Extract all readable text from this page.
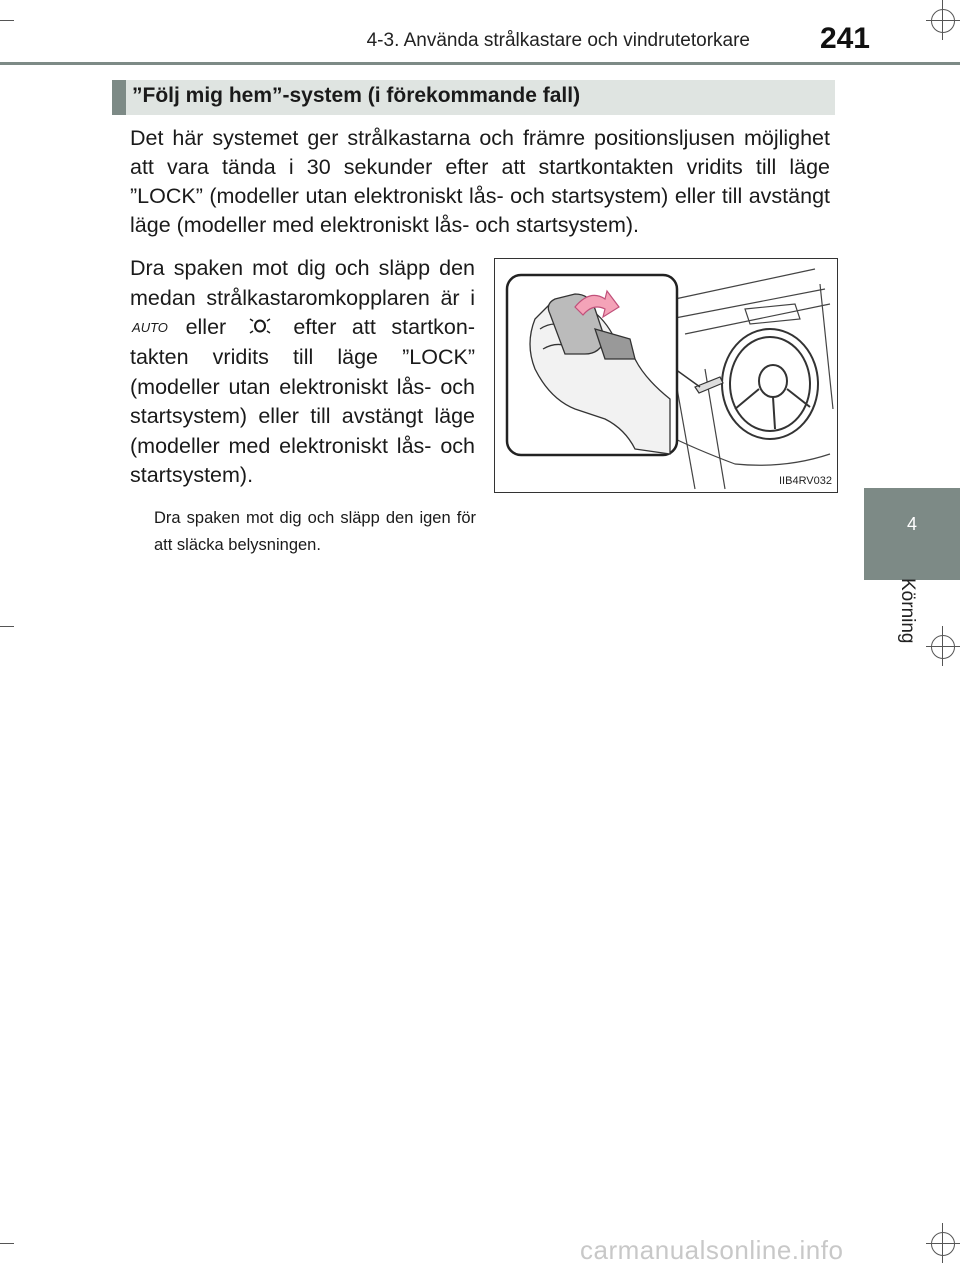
4-3. Använda strålkastare och vindrutetorkare	241
4
Körning
”Följ mig hem”-system (i förekommande fall)
Det här systemet ger strålkastarna och främre positionsljusen möjlighet att vara tända i 30 sekunder efter att startkontakten vridits till läge ”LOCK” (modeller utan elektroniskt lås- och startsystem) eller till avstängt läge (modeller med elektroniskt lås- och startsystem).
Dra spaken mot dig och släpp den medan strålkastaromkopplaren är i
AUTO eller	efter att startkontakten vridits till läge ”LOCK” (modeller utan elektroniskt lås- och startsystem) eller till avstängt läge (modeller med elektroniskt lås- och startsystem).
Dra spaken mot dig och släpp den igen för att släcka belysningen.
IIB4RV032
carmanualsonline.info
